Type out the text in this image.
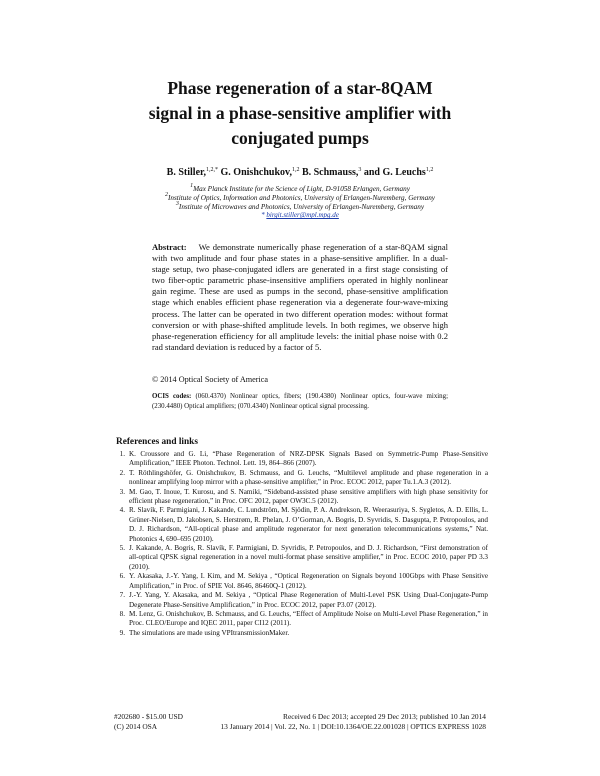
Phase regeneration of a star-8QAM
signal in a phase-sensitive amplifier with
conjugated pumps
B. Stiller,$^{1,2,*}$ G. Onishchukov,$^{1,2}$ B. Schmauss,$^3$ and G. Leuchs$^{1,2}$
$^1$Max Planck Institute for the Science of Light, D-91058 Erlangen, Germany
$^2$Institute of Optics, Information and Photonics, University of Erlangen-Nuremberg, Germany
$^3$Institute of Microwaves and Photonics, University of Erlangen-Nuremberg, Germany
* birgit.stiller@mpl.mpg.de
Abstract: We demonstrate numerically phase regeneration of a star-8QAM signal with two amplitude and four phase states in a phase-sensitive amplifier. In a dual-stage setup, two phase-conjugated idlers are generated in a first stage consisting of two fiber-optic parametric phase-insensitive amplifiers operated in highly nonlinear gain regime. These are used as pumps in the second, phase-sensitive amplification stage which enables efficient phase regeneration via a degenerate four-wave-mixing process. The latter can be operated in two different operation modes: without format conversion or with phase-shifted amplitude levels. In both regimes, we observe high phase-regeneration efficiency for all amplitude levels: the initial phase noise with 0.2 rad standard deviation is reduced by a factor of 5.
© 2014 Optical Society of America
OCIS codes: (060.4370) Nonlinear optics, fibers; (190.4380) Nonlinear optics, four-wave mixing; (230.4480) Optical amplifiers; (070.4340) Nonlinear optical signal processing.
References and links
1. K. Croussore and G. Li, “Phase Regeneration of NRZ-DPSK Signals Based on Symmetric-Pump Phase-Sensitive Amplification,” IEEE Photon. Technol. Lett. 19, 864–866 (2007).
2. T. Röthlingshöfer, G. Onishchukov, B. Schmauss, and G. Leuchs, “Multilevel amplitude and phase regeneration in a nonlinear amplifying loop mirror with a phase-sensitive amplifier,” in Proc. ECOC 2012, paper Tu.1.A.3 (2012).
3. M. Gao, T. Inoue, T. Kurosu, and S. Namiki, “Sideband-assisted phase sensitive amplifiers with high phase sensitivity for efficient phase regeneration,” in Proc. OFC 2012, paper OW3C.5 (2012).
4. R. Slavík, F. Parmigiani, J. Kakande, C. Lundström, M. Sjödin, P. A. Andrekson, R. Weerasuriya, S. Sygletos, A. D. Ellis, L. Grüner-Nielsen, D. Jakobsen, S. Herstrøm, R. Phelan, J. O’Gorman, A. Bogris, D. Syvridis, S. Dasgupta, P. Petropoulos, and D. J. Richardson, “All-optical phase and amplitude regenerator for next generation telecommunications systems,” Nat. Photonics 4, 690–695 (2010).
5. J. Kakande, A. Bogris, R. Slavík, F. Parmigiani, D. Syvridis, P. Petropoulos, and D. J. Richardson, “First demonstration of all-optical QPSK signal regeneration in a novel multi-format phase sensitive amplifier,” in Proc. ECOC 2010, paper PD 3.3 (2010).
6. Y. Akasaka, J.-Y. Yang, I. Kim, and M. Sekiya , “Optical Regeneration on Signals beyond 100Gbps with Phase Sensitive Amplification,” in Proc. of SPIE Vol. 8646, 86460Q-1 (2012).
7. J.-Y. Yang, Y. Akasaka, and M. Sekiya , “Optical Phase Regeneration of Multi-Level PSK Using Dual-Conjugate-Pump Degenerate Phase-Sensitive Amplification,” in Proc. ECOC 2012, paper P3.07 (2012).
8. M. Lenz, G. Onishchukov, B. Schmauss, and G. Leuchs, “Effect of Amplitude Noise on Multi-Level Phase Regeneration,” in Proc. CLEO/Europe and IQEC 2011, paper CI12 (2011).
9. The simulations are made using VPItransmissionMaker.
#202680 - $15.00 USD
(C) 2014 OSA
Received 6 Dec 2013; accepted 29 Dec 2013; published 10 Jan 2014
13 January 2014 | Vol. 22, No. 1 | DOI:10.1364/OE.22.001028 | OPTICS EXPRESS 1028
